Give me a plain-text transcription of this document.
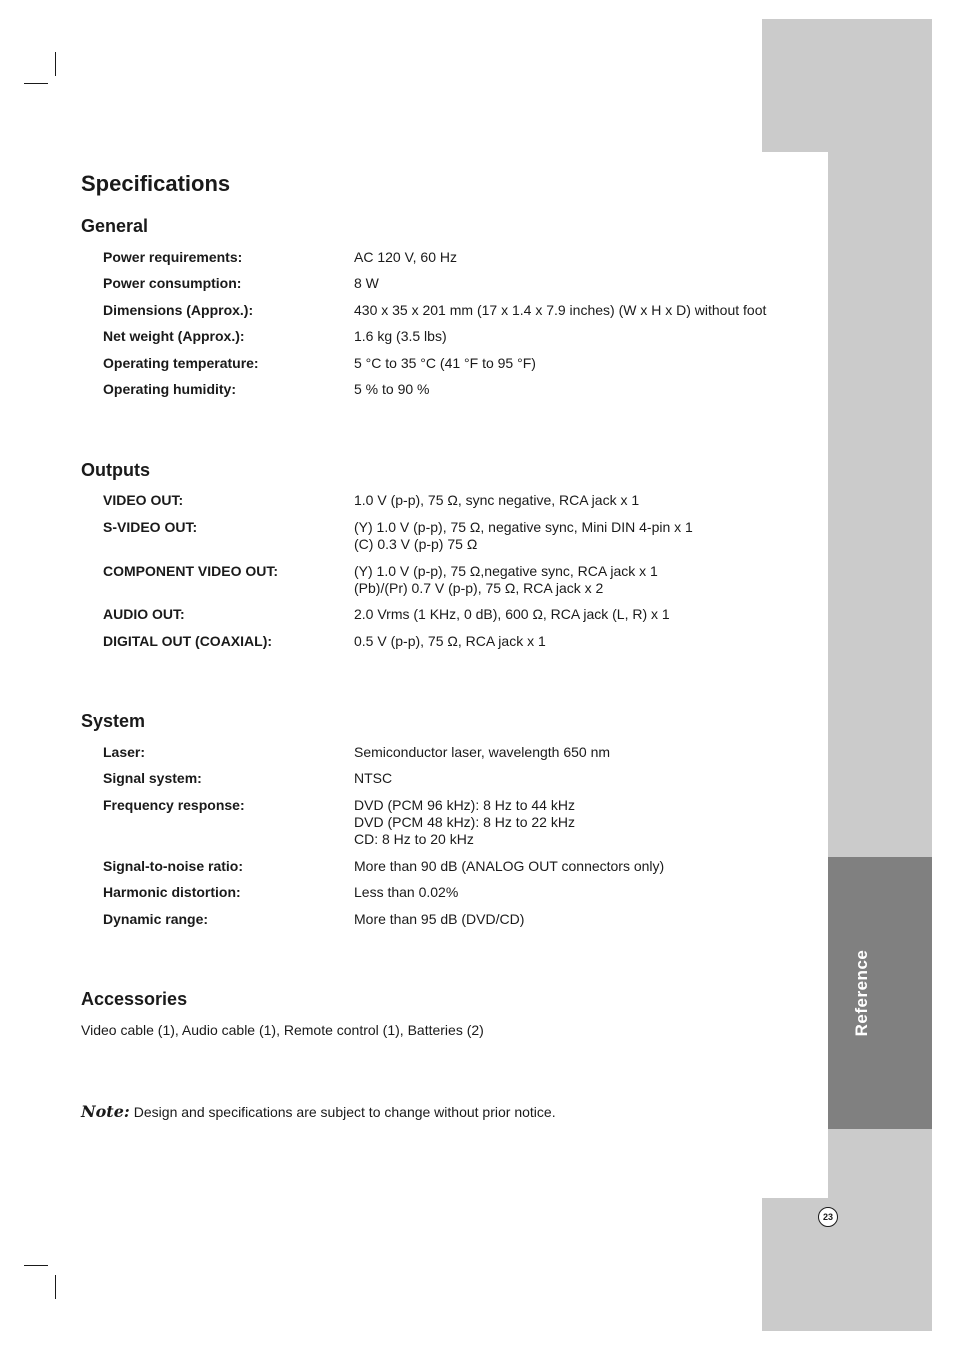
Reference
23
Specifications
General
Power requirements:	AC 120 V, 60 Hz
Power consumption:	8 W
Dimensions (Approx.):	430 x 35 x 201 mm (17 x 1.4 x 7.9 inches) (W x H x D) without foot
Net weight (Approx.):	1.6 kg (3.5 lbs)
Operating temperature:	5 °C to 35 °C (41 °F to 95 °F)
Operating humidity:	5 % to 90 %
Outputs
VIDEO OUT:	1.0 V (p-p), 75 Ω, sync negative, RCA jack x 1
S-VIDEO OUT:	(Y) 1.0 V (p-p), 75 Ω, negative sync, Mini DIN 4-pin x 1
(C) 0.3 V (p-p) 75 Ω
COMPONENT VIDEO OUT:	(Y) 1.0 V (p-p), 75 Ω,negative sync, RCA jack x 1
(Pb)/(Pr) 0.7 V (p-p), 75 Ω, RCA jack x 2
AUDIO OUT:	2.0 Vrms (1 KHz, 0 dB), 600 Ω, RCA jack (L, R) x 1
DIGITAL OUT (COAXIAL):	0.5 V (p-p), 75 Ω, RCA jack x 1
System
Laser:	Semiconductor laser, wavelength 650 nm
Signal system:	NTSC
Frequency response:	DVD (PCM 96 kHz): 8 Hz to 44 kHz
DVD (PCM 48 kHz): 8 Hz to 22 kHz
CD: 8 Hz to 20 kHz
Signal-to-noise ratio:	More than 90 dB (ANALOG OUT connectors only)
Harmonic distortion:	Less than 0.02%
Dynamic range:	More than 95 dB (DVD/CD)
Accessories
Video cable (1), Audio cable (1), Remote control (1), Batteries (2)
Note: Design and specifications are subject to change without prior notice.
